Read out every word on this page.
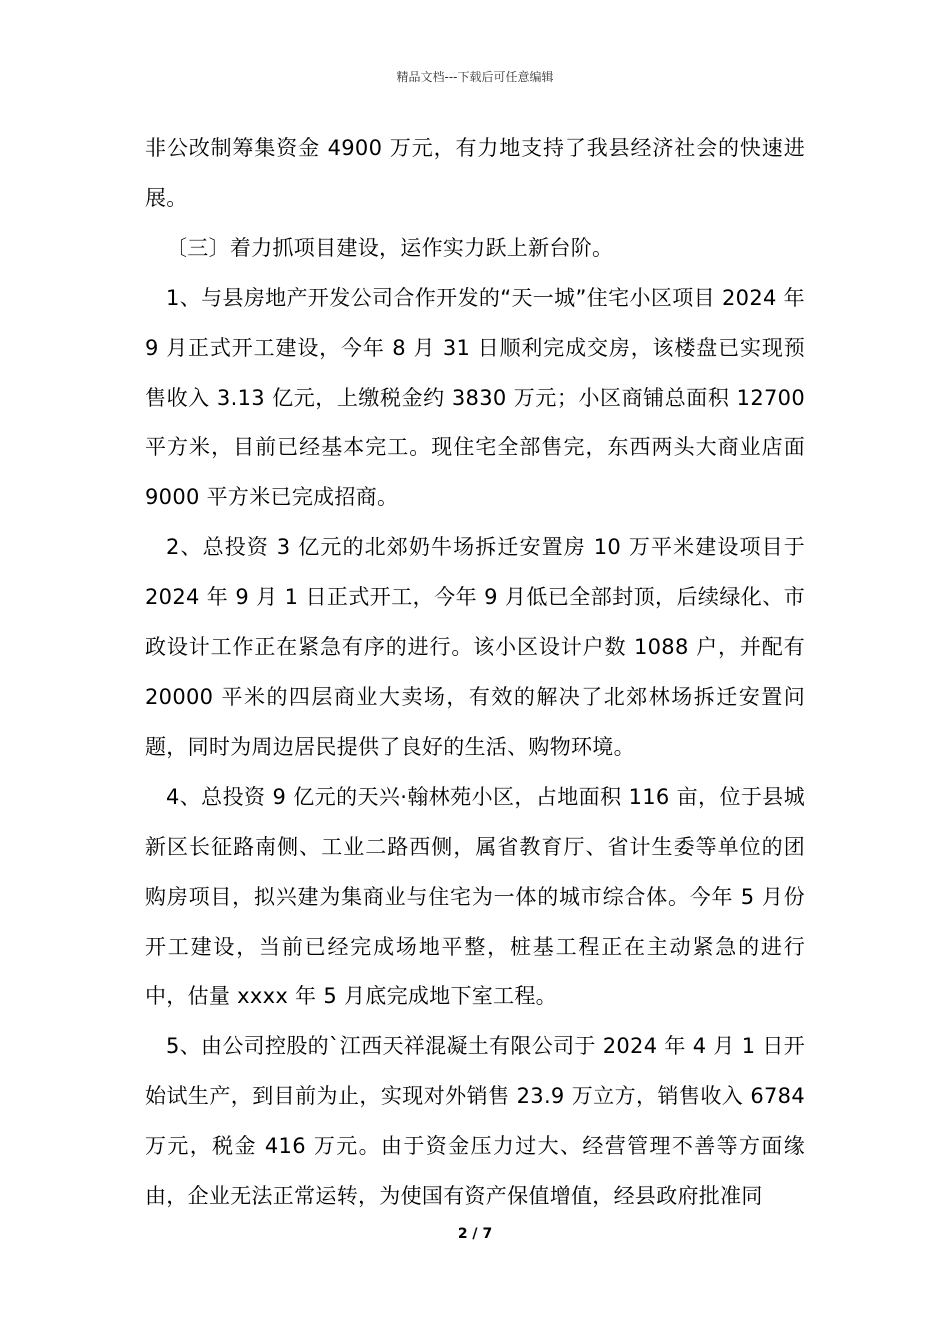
精品文档---下载后可任意编辑

非公改制筹集资金 4900 万元，有力地支持了我县经济社会的快速进展。

〔三〕着力抓项目建设，运作实力跃上新台阶。

1、与县房地产开发公司合作开发的“天一城”住宅小区项目 2024 年 9 月正式开工建设，今年 8 月 31 日顺利完成交房，该楼盘已实现预售收入 3.13 亿元，上缴税金约 3830 万元；小区商铺总面积 12700 平方米，目前已经基本完工。现住宅全部售完，东西两头大商业店面 9000 平方米已完成招商。

2、总投资 3 亿元的北郊奶牛场拆迁安置房 10 万平米建设项目于 2024 年 9 月 1 日正式开工，今年 9 月低已全部封顶，后续绿化、市政设计工作正在紧急有序的进行。该小区设计户数 1088 户，并配有 20000 平米的四层商业大卖场，有效的解决了北郊林场拆迁安置问题，同时为周边居民提供了良好的生活、购物环境。

4、总投资 9 亿元的天兴·翰林苑小区，占地面积 116 亩，位于县城新区长征路南侧、工业二路西侧，属省教育厅、省计生委等单位的团购房项目，拟兴建为集商业与住宅为一体的城市综合体。今年 5 月份开工建设，当前已经完成场地平整，桩基工程正在主动紧急的进行中，估量 xxxx 年 5 月底完成地下室工程。

5、由公司控股的`江西天祥混凝土有限公司于 2024 年 4 月 1 日开始试生产，到目前为止，实现对外销售 23.9 万立方，销售收入 6784 万元，税金 416 万元。由于资金压力过大、经营管理不善等方面缘由，企业无法正常运转，为使国有资产保值增值，经县政府批准同

2 / 7
